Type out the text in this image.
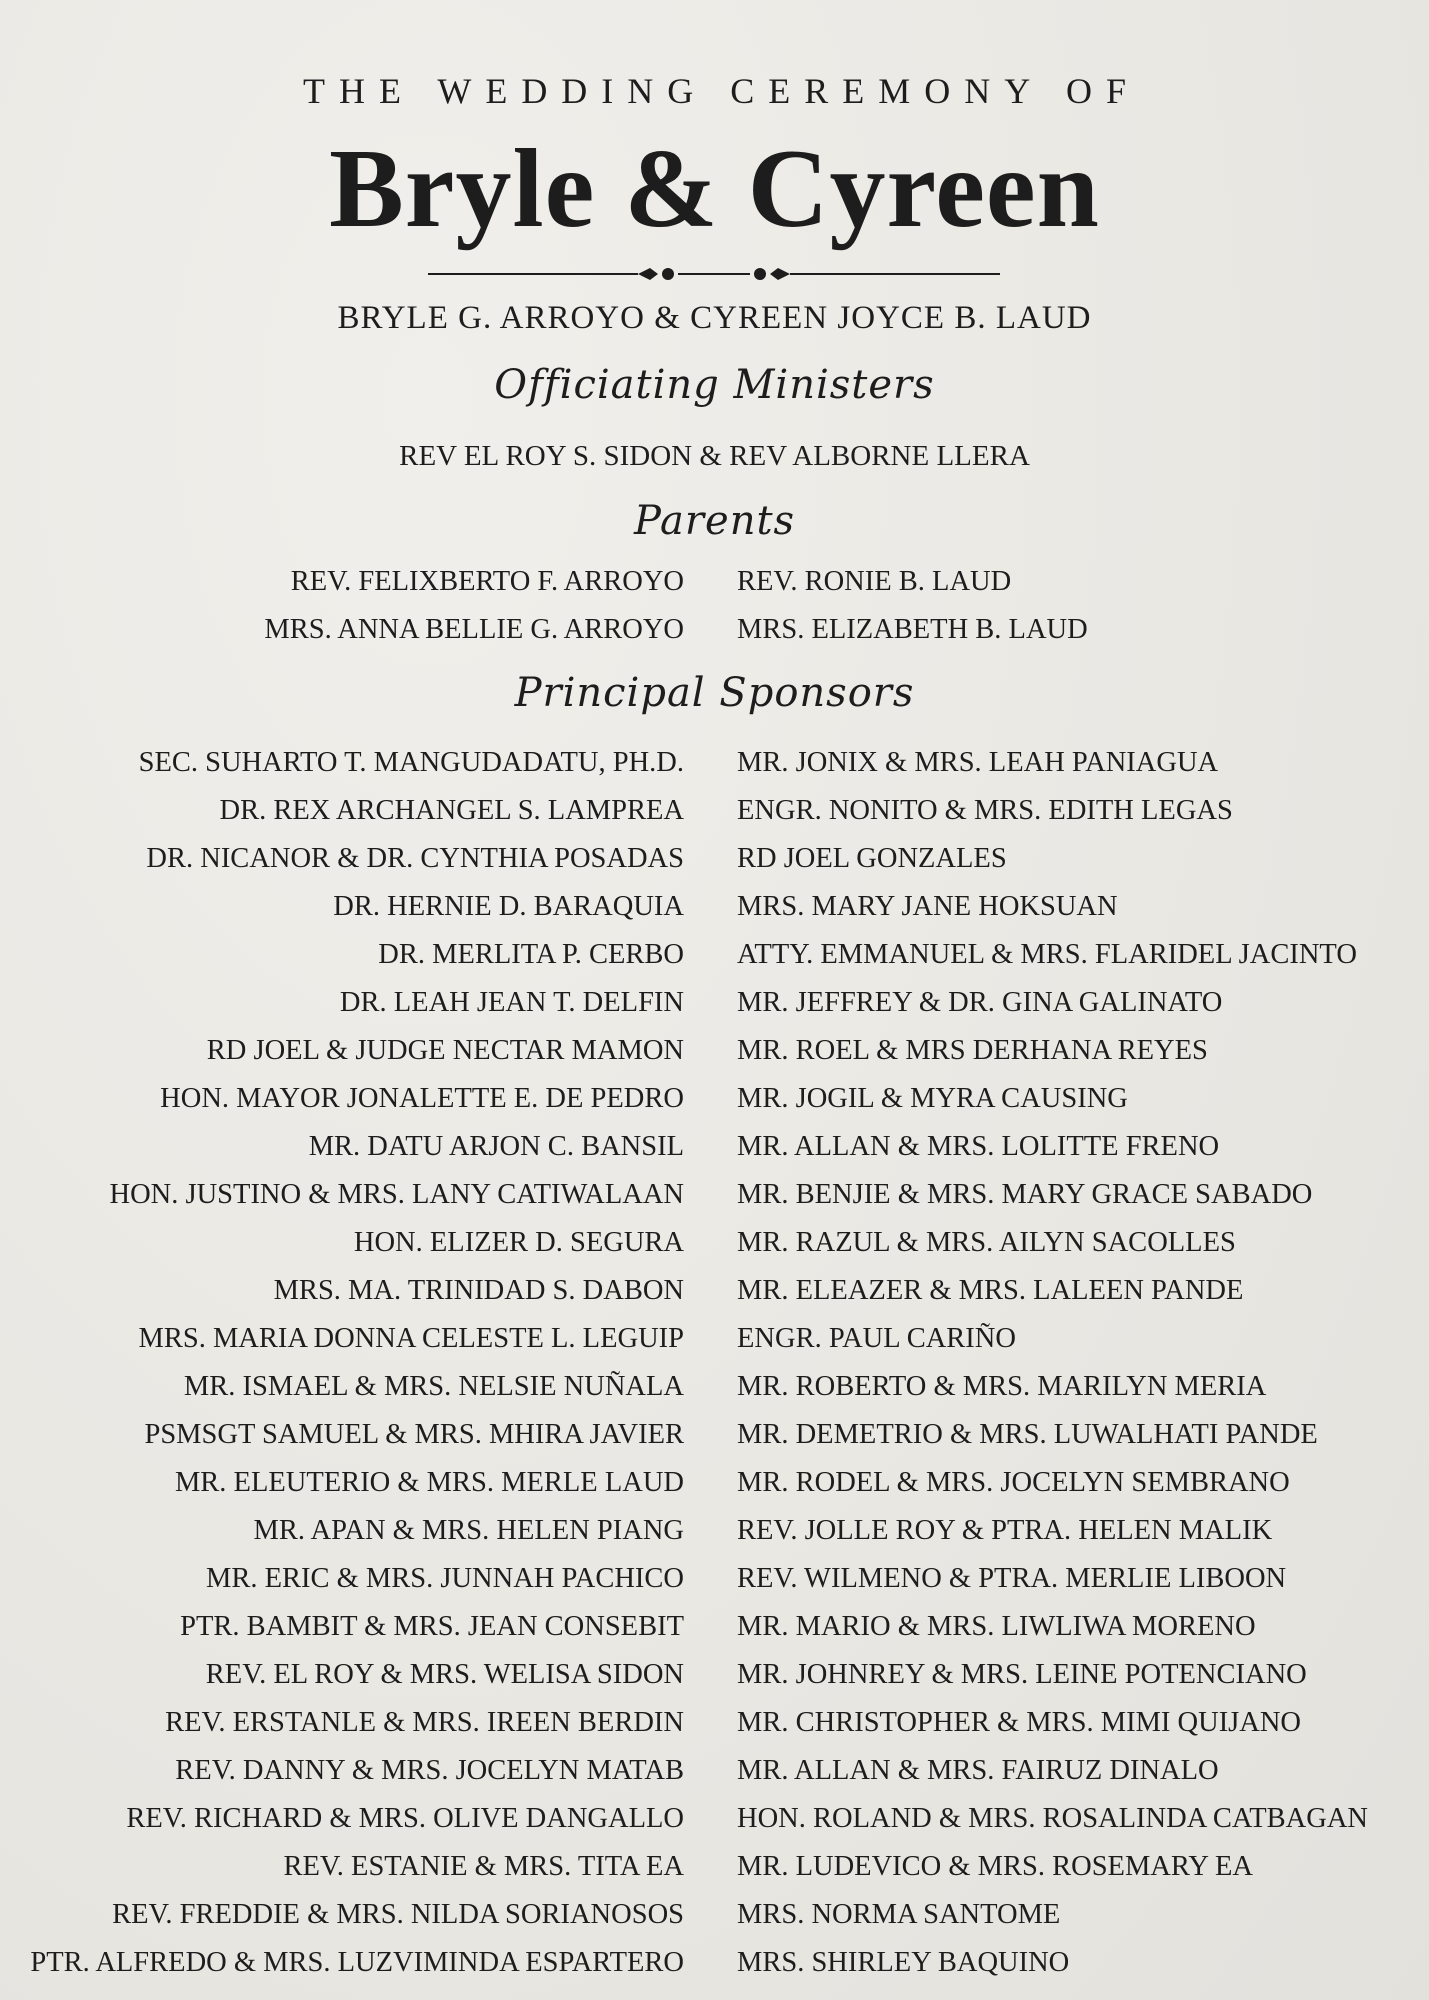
THE WEDDING CEREMONY OF
Bryle & Cyreen
BRYLE G. ARROYO & CYREEN JOYCE B. LAUD
Officiating Ministers
REV EL ROY S. SIDON & REV ALBORNE LLERA
Parents
REV. FELIXBERTO F. ARROYO
MRS. ANNA BELLIE G. ARROYO
REV. RONIE B. LAUD
MRS. ELIZABETH B. LAUD
Principal Sponsors
SEC. SUHARTO T. MANGUDADATU, PH.D.
DR. REX ARCHANGEL S. LAMPREA
DR. NICANOR & DR. CYNTHIA POSADAS
DR. HERNIE D. BARAQUIA
DR. MERLITA P. CERBO
DR. LEAH JEAN T. DELFIN
RD JOEL & JUDGE NECTAR MAMON
HON. MAYOR JONALETTE E. DE PEDRO
MR. DATU ARJON C. BANSIL
HON. JUSTINO & MRS. LANY CATIWALAAN
HON. ELIZER D. SEGURA
MRS. MA. TRINIDAD S. DABON
MRS. MARIA DONNA CELESTE L. LEGUIP
MR. ISMAEL & MRS. NELSIE NUÑALA
PSMSGT SAMUEL & MRS. MHIRA JAVIER
MR. ELEUTERIO & MRS. MERLE LAUD
MR. APAN & MRS. HELEN PIANG
MR. ERIC & MRS. JUNNAH PACHICO
PTR. BAMBIT & MRS. JEAN CONSEBIT
REV. EL ROY & MRS. WELISA SIDON
REV. ERSTANLE & MRS. IREEN BERDIN
REV. DANNY & MRS. JOCELYN MATAB
REV. RICHARD & MRS. OLIVE DANGALLO
REV. ESTANIE & MRS. TITA EA
REV. FREDDIE & MRS. NILDA SORIANOSOS
PTR. ALFREDO & MRS. LUZVIMINDA ESPARTERO
MR. JONIX & MRS. LEAH PANIAGUA
ENGR. NONITO & MRS. EDITH LEGAS
RD JOEL GONZALES
MRS. MARY JANE HOKSUAN
ATTY. EMMANUEL & MRS. FLARIDEL JACINTO
MR. JEFFREY & DR. GINA GALINATO
MR. ROEL & MRS DERHANA REYES
MR. JOGIL & MYRA CAUSING
MR. ALLAN & MRS. LOLITTE FRENO
MR. BENJIE & MRS. MARY GRACE SABADO
MR. RAZUL & MRS. AILYN SACOLLES
MR. ELEAZER & MRS. LALEEN PANDE
ENGR. PAUL CARIÑO
MR. ROBERTO & MRS. MARILYN MERIA
MR. DEMETRIO & MRS. LUWALHATI PANDE
MR. RODEL & MRS. JOCELYN SEMBRANO
REV. JOLLE ROY & PTRA. HELEN MALIK
REV. WILMENO & PTRA. MERLIE LIBOON
MR. MARIO & MRS. LIWLIWA MORENO
MR. JOHNREY & MRS. LEINE POTENCIANO
MR. CHRISTOPHER & MRS. MIMI QUIJANO
MR. ALLAN & MRS. FAIRUZ DINALO
HON. ROLAND & MRS. ROSALINDA CATBAGAN
MR. LUDEVICO & MRS. ROSEMARY EA
MRS. NORMA SANTOME
MRS. SHIRLEY BAQUINO
